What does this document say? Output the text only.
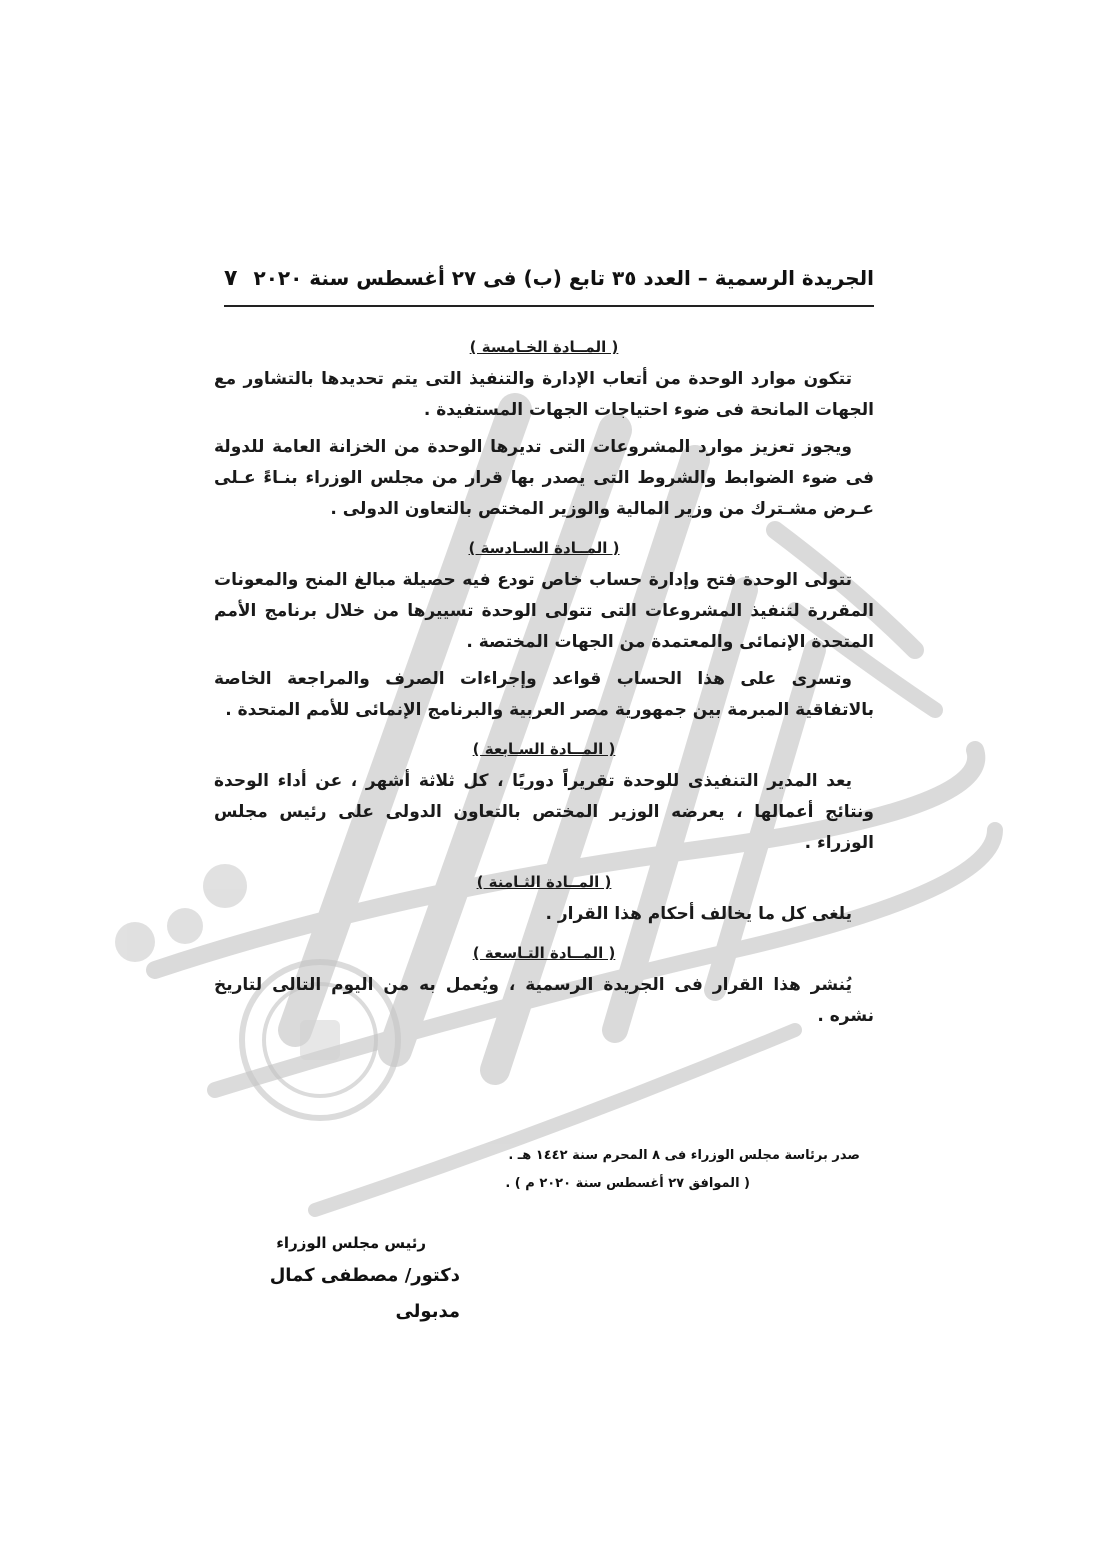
الجريدة الرسمية – العدد ٣٥ تابع (ب) فى ٢٧ أغسطس سنة ٢٠٢٠
٧

( المــادة الخـامسة )

تتكون موارد الوحدة من أتعاب الإدارة والتنفيذ التى يتم تحديدها بالتشاور مع الجهات المانحة فى ضوء احتياجات الجهات المستفيدة .

ويجوز تعزيز موارد المشروعات التى تديرها الوحدة من الخزانة العامة للدولة فى ضوء الضوابط والشروط التى يصدر بها قرار من مجلس الوزراء بنـاءً عـلى عـرض مشـترك من وزير المالية والوزير المختص بالتعاون الدولى .

( المــادة السـادسة )

تتولى الوحدة فتح وإدارة حساب خاص تودع فيه حصيلة مبالغ المنح والمعونات المقررة لتنفيذ المشروعات التى تتولى الوحدة تسييرها من خلال برنامج الأمم المتحدة الإنمائى والمعتمدة من الجهات المختصة .

وتسرى على هذا الحساب قواعد وإجراءات الصرف والمراجعة الخاصة بالاتفاقية المبرمة بين جمهورية مصر العربية والبرنامج الإنمائى للأمم المتحدة .

( المــادة السـابعة )

يعد المدير التنفيذى للوحدة تقريراً دوريًا ، كل ثلاثة أشهر ، عن أداء الوحدة ونتائج أعمالها ، يعرضه الوزير المختص بالتعاون الدولى على رئيس مجلس الوزراء .

( المــادة الثـامنة )

يلغى كل ما يخالف أحكام هذا القرار .

( المــادة التـاسعة )

يُنشر هذا القرار فى الجريدة الرسمية ، ويُعمل به من اليوم التالى لتاريخ نشره .

صدر برئاسة مجلس الوزراء فى ٨ المحرم سنة ١٤٤٢ هـ .
( الموافق ٢٧ أغسطس سنة ٢٠٢٠ م ) .
رئيس مجلس الوزراء
دكتور/ مصطفى كمال مدبولى
